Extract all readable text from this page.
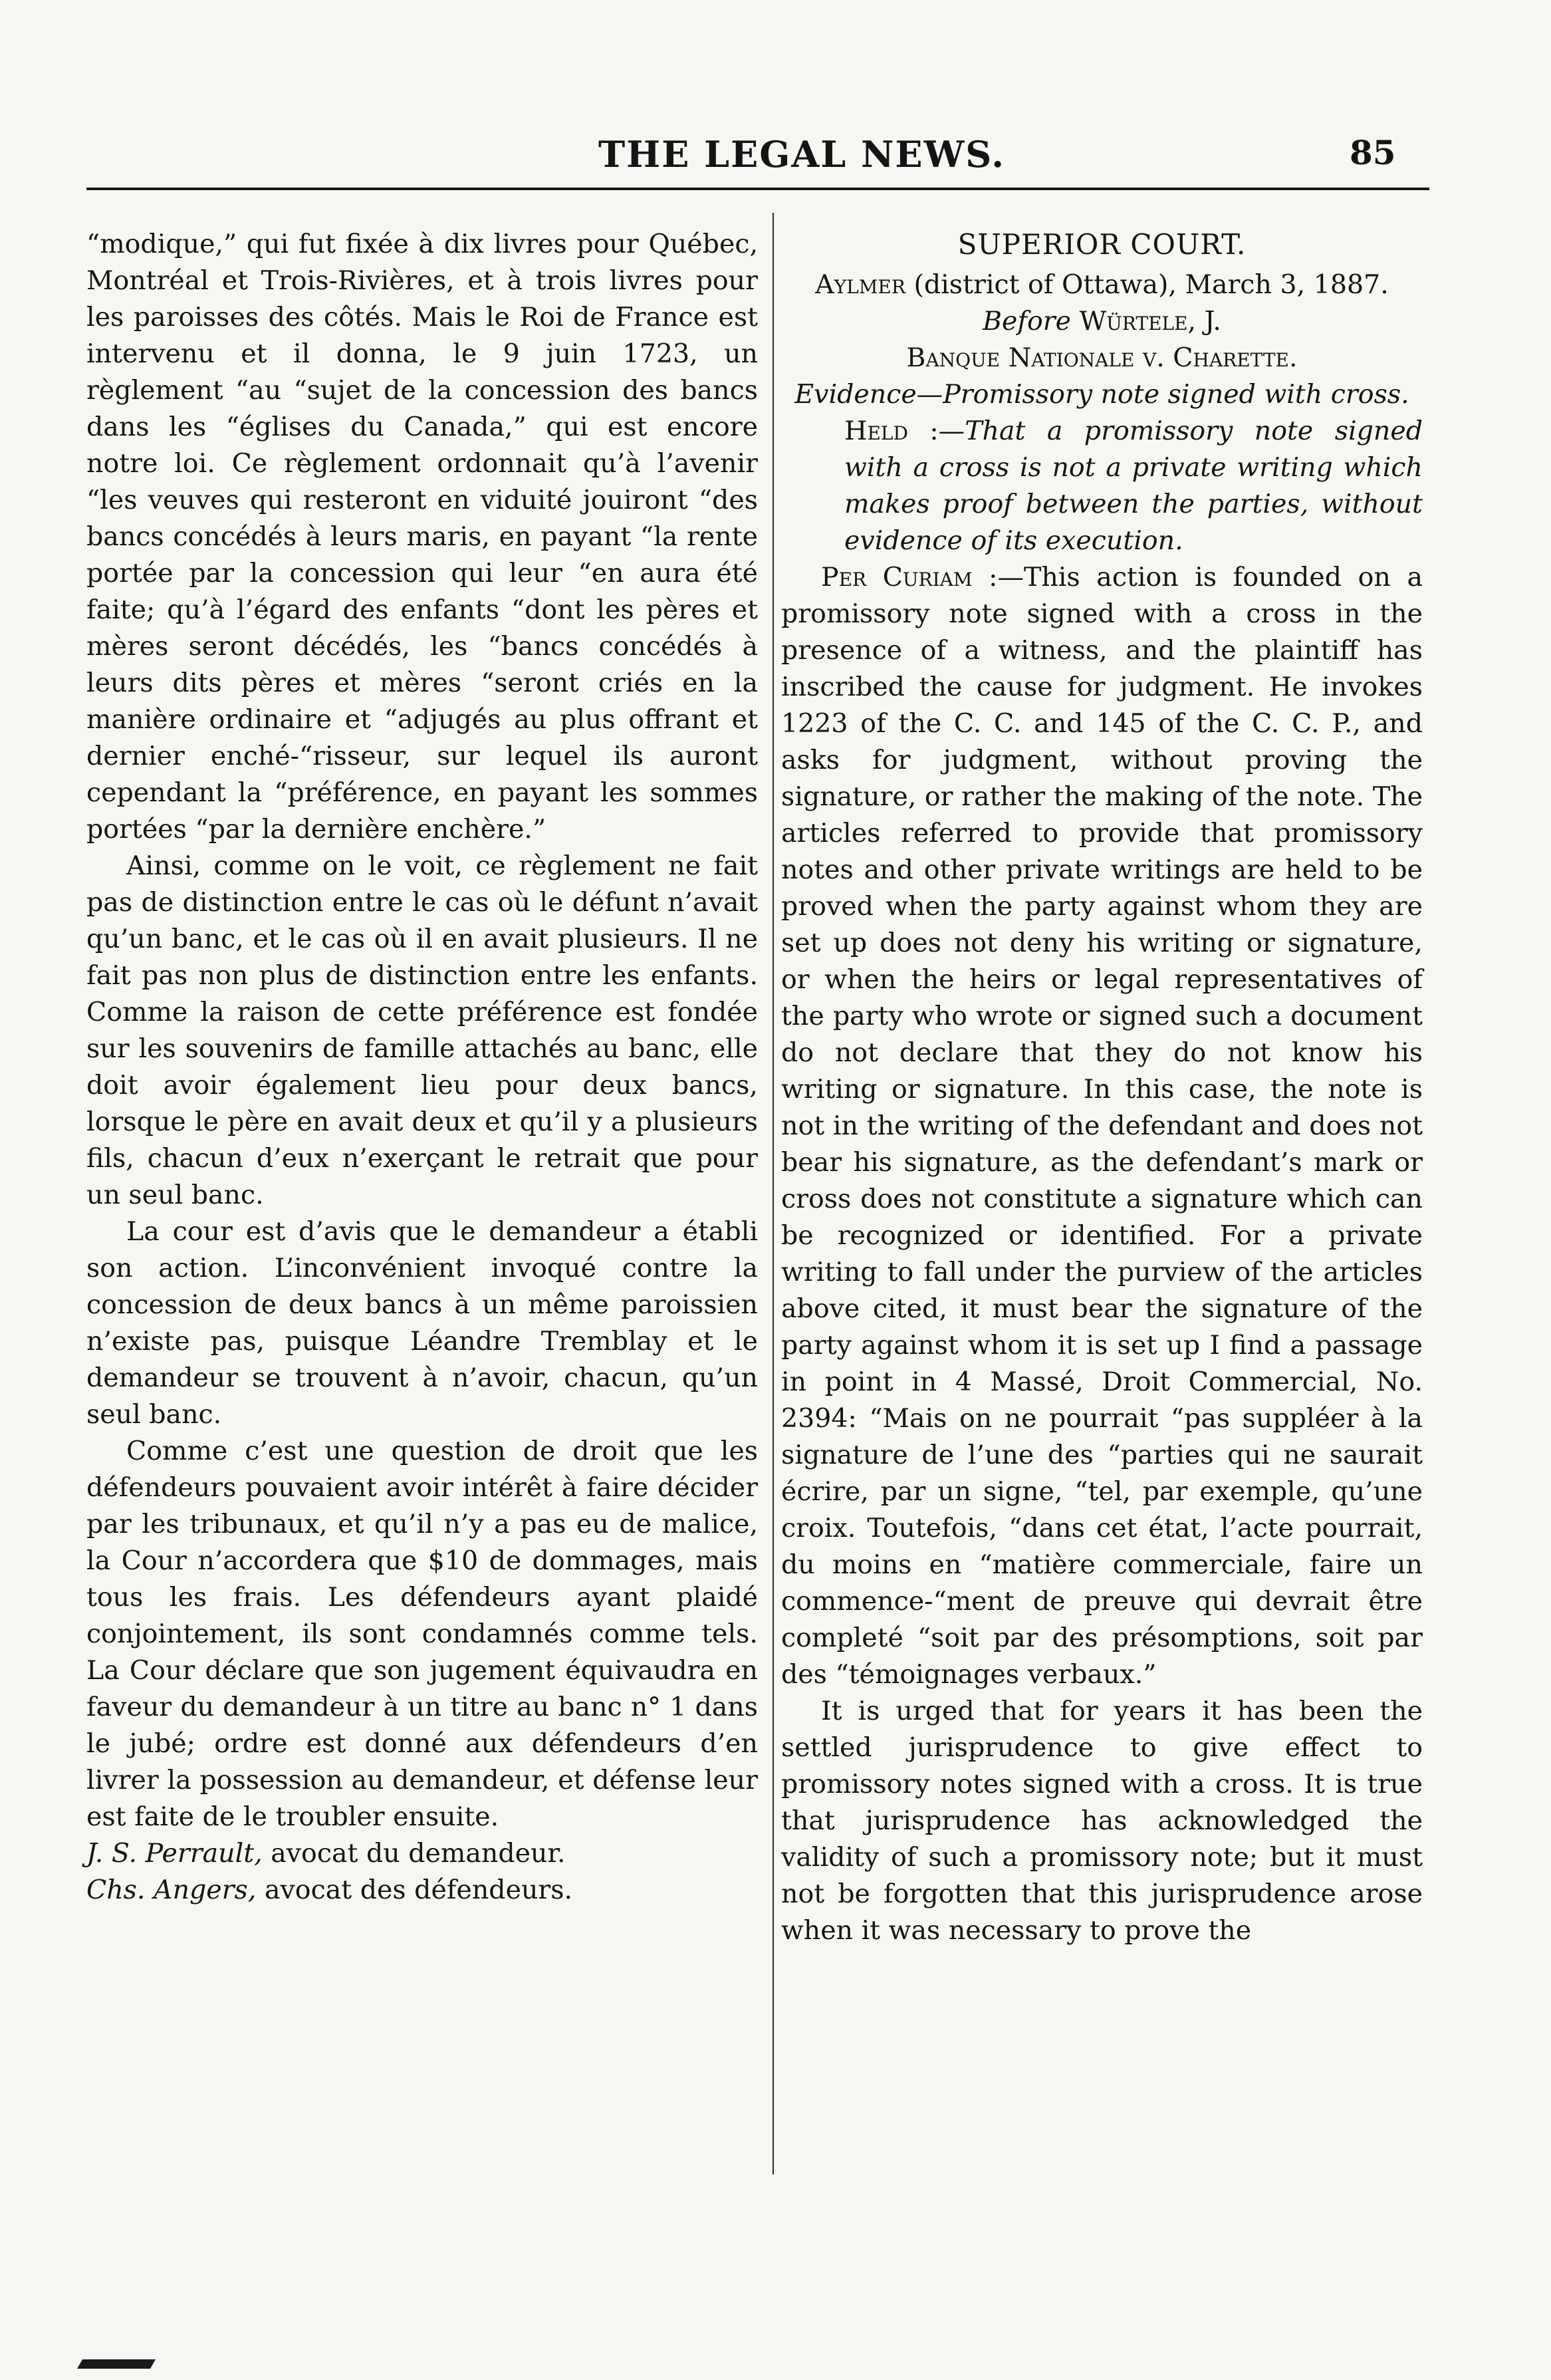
THE LEGAL NEWS.	85

“modique,” qui fut fixée à dix livres pour Québec, Montréal et Trois-Rivières, et à trois livres pour les paroisses des côtés. Mais le Roi de France est intervenu et il donna, le 9 juin 1723, un règlement “au “sujet de la concession des bancs dans les “églises du Canada,” qui est encore notre loi. Ce règlement ordonnait qu’à l’avenir “les veuves qui resteront en viduité jouiront “des bancs concédés à leurs maris, en payant “la rente portée par la concession qui leur “en aura été faite; qu’à l’égard des enfants “dont les pères et mères seront décédés, les “bancs concédés à leurs dits pères et mères “seront criés en la manière ordinaire et “adjugés au plus offrant et dernier enché-“risseur, sur lequel ils auront cependant la “préférence, en payant les sommes portées “par la dernière enchère.”

Ainsi, comme on le voit, ce règlement ne fait pas de distinction entre le cas où le défunt n’avait qu’un banc, et le cas où il en avait plusieurs. Il ne fait pas non plus de distinction entre les enfants. Comme la raison de cette préférence est fondée sur les souvenirs de famille attachés au banc, elle doit avoir également lieu pour deux bancs, lorsque le père en avait deux et qu’il y a plusieurs fils, chacun d’eux n’exerçant le retrait que pour un seul banc.

La cour est d’avis que le demandeur a établi son action. L’inconvénient invoqué contre la concession de deux bancs à un même paroissien n’existe pas, puisque Léandre Tremblay et le demandeur se trouvent à n’avoir, chacun, qu’un seul banc.

Comme c’est une question de droit que les défendeurs pouvaient avoir intérêt à faire décider par les tribunaux, et qu’il n’y a pas eu de malice, la Cour n’accordera que $10 de dommages, mais tous les frais. Les défendeurs ayant plaidé conjointement, ils sont condamnés comme tels. La Cour déclare que son jugement équivaudra en faveur du demandeur à un titre au banc n° 1 dans le jubé; ordre est donné aux défendeurs d’en livrer la possession au demandeur, et défense leur est faite de le troubler ensuite.

J. S. Perrault, avocat du demandeur.

Chs. Angers, avocat des défendeurs.

SUPERIOR COURT.

Aylmer (district of Ottawa), March 3, 1887.

Before Würtele, J.

Banque Nationale v. Charette.

Evidence—Promissory note signed with cross.

Held :—That a promissory note signed with a cross is not a private writing which makes proof between the parties, without evidence of its execution.

Per Curiam :—This action is founded on a promissory note signed with a cross in the presence of a witness, and the plaintiff has inscribed the cause for judgment. He invokes 1223 of the C. C. and 145 of the C. C. P., and asks for judgment, without proving the signature, or rather the making of the note. The articles referred to provide that promissory notes and other private writings are held to be proved when the party against whom they are set up does not deny his writing or signature, or when the heirs or legal representatives of the party who wrote or signed such a document do not declare that they do not know his writing or signature. In this case, the note is not in the writing of the defendant and does not bear his signature, as the defendant’s mark or cross does not constitute a signature which can be recognized or identified. For a private writing to fall under the purview of the articles above cited, it must bear the signature of the party against whom it is set up I find a passage in point in 4 Massé, Droit Commercial, No. 2394: “Mais on ne pourrait “pas suppléer à la signature de l’une des “parties qui ne saurait écrire, par un signe, “tel, par exemple, qu’une croix. Toutefois, “dans cet état, l’acte pourrait, du moins en “matière commerciale, faire un commence-“ment de preuve qui devrait être completé “soit par des présomptions, soit par des “témoignages verbaux.”

It is urged that for years it has been the settled jurisprudence to give effect to promissory notes signed with a cross. It is true that jurisprudence has acknowledged the validity of such a promissory note; but it must not be forgotten that this jurisprudence arose when it was necessary to prove the
